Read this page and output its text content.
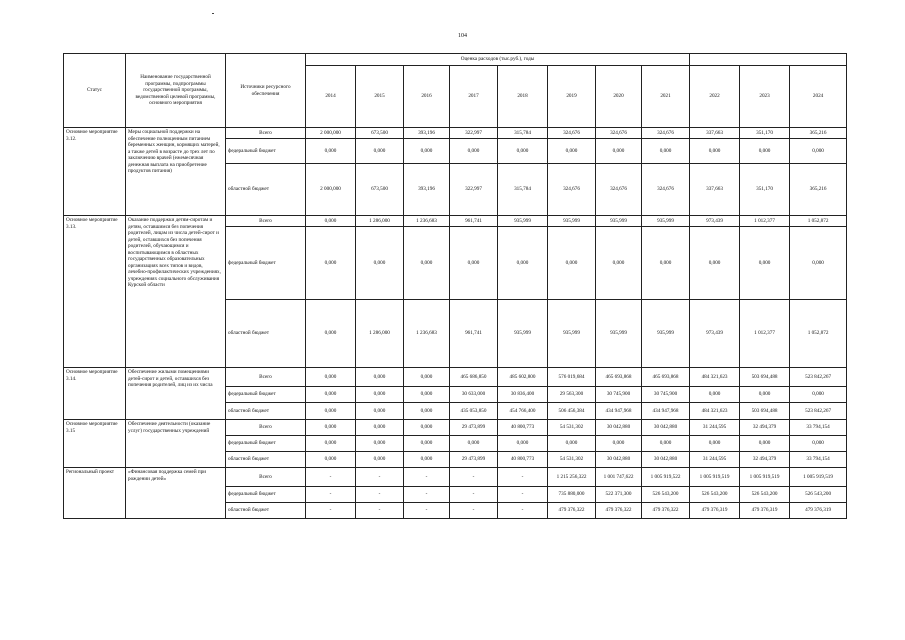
104
Статус	Наименование государственной программы, подпрограммы государственной программы, ведомственной целевой программы, основного мероприятия	Источники ресурсного обеспечения	Оценка расходов (тыс.руб.), годы										
			2014	2015	2016	2017	2018	2019	2020	2021	2022	2023	2024
Основное мероприятие 3.12.	Меры социальной поддержки на обеспечение полноценным питанием беременных женщин, кормящих матерей, а также детей в возрасте до трех лет по заключению врачей (ежемесячная денежная выплата на приобретение продуктов питания)	Всего	2 000,000	673,500	393,196	322,997	315,784	324,676	324,676	324,676	337,663	351,170	365,216
		федеральный бюджет	0,000	0,000	0,000	0,000	0,000	0,000	0,000	0,000	0,000	0,000	0,000
		областной бюджет	2 000,000	673,500	393,196	322,997	315,784	324,676	324,676	324,676	337,663	351,170	365,216
Основное мероприятие 3.13.	Оказание поддержки детям-сиротам и детям, оставшимся без попечения родителей, лицам из числа детей-сирот и детей, оставшихся без попечения родителей, обучающимся и воспитывающимся в областных государственных образовательных организациях всех типов и видов, лечебно-профилактических учреждениях, учреждениях социального обслуживания Курской области	Всего	0,000	1 286,000	1 236,683	961,741	935,999	935,999	935,999	935,999	973,439	1 012,377	1 052,872
		федеральный бюджет	0,000	0,000	0,000	0,000	0,000	0,000	0,000	0,000	0,000	0,000	0,000
		областной бюджет	0,000	1 286,000	1 236,683	961,741	935,999	935,999	935,999	935,999	973,439	1 012,377	1 052,872
Основное мероприятие 3.14.	Обеспечение жилыми помещениями детей-сирот и детей, оставшихся без попечения родителей, лиц из их числа	Всего	0,000	0,000	0,000	465 686,850	485 602,800	576 019,684	465 693,868	465 693,868	484 321,623	503 694,488	523 842,267
		федеральный бюджет	0,000	0,000	0,000	30 633,000	30 836,400	29 563,300	30 745,900	30 745,900	0,000	0,000	0,000
		областной бюджет	0,000	0,000	0,000	435 053,850	454 766,400	506 456,384	434 947,968	434 947,968	484 321,623	503 694,488	523 842,267
Основное мероприятие 3.15	Обеспечение деятельности (оказание услуг) государственных учреждений	Всего	0,000	0,000	0,000	29 473,899	40 800,773	54 531,302	30 042,880	30 042,880	31 244,595	32 494,379	33 794,154
		федеральный бюджет	0,000	0,000	0,000	0,000	0,000	0,000	0,000	0,000	0,000	0,000	0,000
		областной бюджет	0,000	0,000	0,000	29 473,899	40 800,773	54 531,302	30 042,880	30 042,880	31 244,595	32 494,379	33 794,154
Региональный проект	«Финансовая поддержка семей при рождении детей»	Всего	-	-	-	-	-	1 215 256,322	1 001 747,622	1 005 919,522	1 005 919,519	1 005 919,519	1 005 919,519
		федеральный бюджет	-	-	-	-	-	735 880,000	522 371,300	526 543,200	526 543,200	526 543,200	526 543,200
		областной бюджет	-	-	-	-	-	479 376,322	479 376,322	479 376,322	479 376,319	479 376,319	479 376,319
